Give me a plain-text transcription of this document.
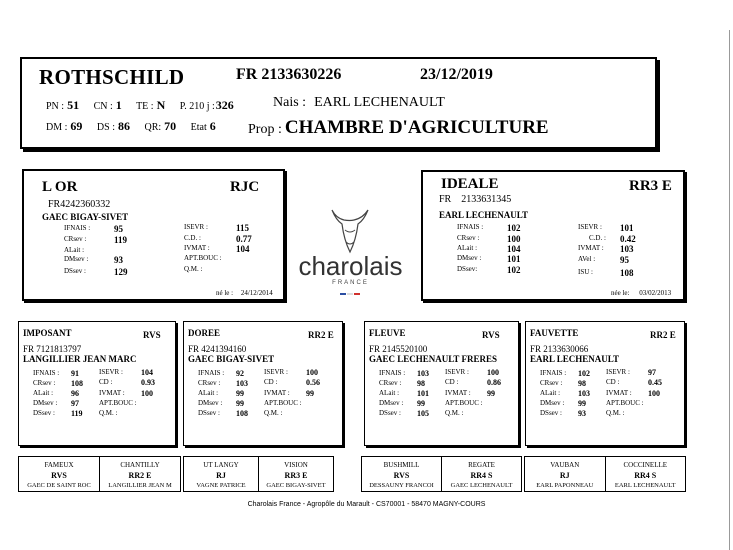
ROTHSCHILD	FR 2133630226	23/12/2019
PN : 51 CN : 1 TE : N P. 210 j :326	Nais : EARL LECHENAULT
DM : 69 DS : 86 QR: 70 Etat 6	Prop : CHAMBRE D'AGRICULTURE
L OR	RJC
FR4242360332
GAEC BIGAY-SIVET
IFNAIS :	95
CRsev :	119
ALait :
DMsev :	93
DSsev :	129
ISEVR :	115
C.D. :	0.77
IVMAT :	104
APT.BOUC :
Q.M. :
né le : 24/12/2014
charolais
FRANCE
IDEALE	RR3 E
FR 2133631345
EARL LECHENAULT
IFNAIS :	102
CRsev :	100
ALait :	104
DMsev :	101
DSsev:	102
ISEVR : 101
C.D. : 0.42
IVMAT : 103
AVel :	95
ISU :	108
née le: 03/02/2013
IMPOSANT	RVS
FR 7121813797
LANGILLIER JEAN MARC
IFNAIS : 91
CRsev : 108
ALait : 96
DMsev : 97
DSsev : 119
ISEVR : 104
CD :	0.93
IVMAT : 100
APT.BOUC :
Q.M. :
DOREE	RR2 E
FR 4241394160
GAEC BIGAY-SIVET
IFNAIS : 92
CRsev : 103
ALait : 99
DMsev : 99
DSsev : 108
ISEVR : 100
CD :	0.56
IVMAT : 99
APT.BOUC :
Q.M. :
FLEUVE	RVS
FR 2145520100
GAEC LECHENAULT FRERES
IFNAIS : 103
CRsev : 98
ALait : 101
DMsev : 99
DSsev : 105
ISEVR : 100
CD :	0.86
IVMAT : 99
APT.BOUC :
Q.M. :
FAUVETTE	RR2 E
FR 2133630066
EARL LECHENAULT
IFNAIS : 102
CRsev : 98
ALait : 103
DMsev : 99
DSsev : 93
ISEVR : 97
CD :	0.45
IVMAT : 100
APT.BOUC :
Q.M. :
FAMEUX
RVS
GAEC DE SAINT ROC
CHANTILLY
RR2 E
LANGILLIER JEAN M
UT LANGY
RJ
VAGNE PATRICE
VISION
RR3 E
GAEC BIGAY-SIVET
BUSHMILL
RVS
DESSAUNY FRANCOI
REGATE
RR4 S
GAEC LECHENAULT
VAUBAN
RJ
EARL PAPONNEAU
COCCINELLE
RR4 S
EARL LECHENAULT
Charolais France - Agropôle du Marault - CS70001 - 58470 MAGNY-COURS
